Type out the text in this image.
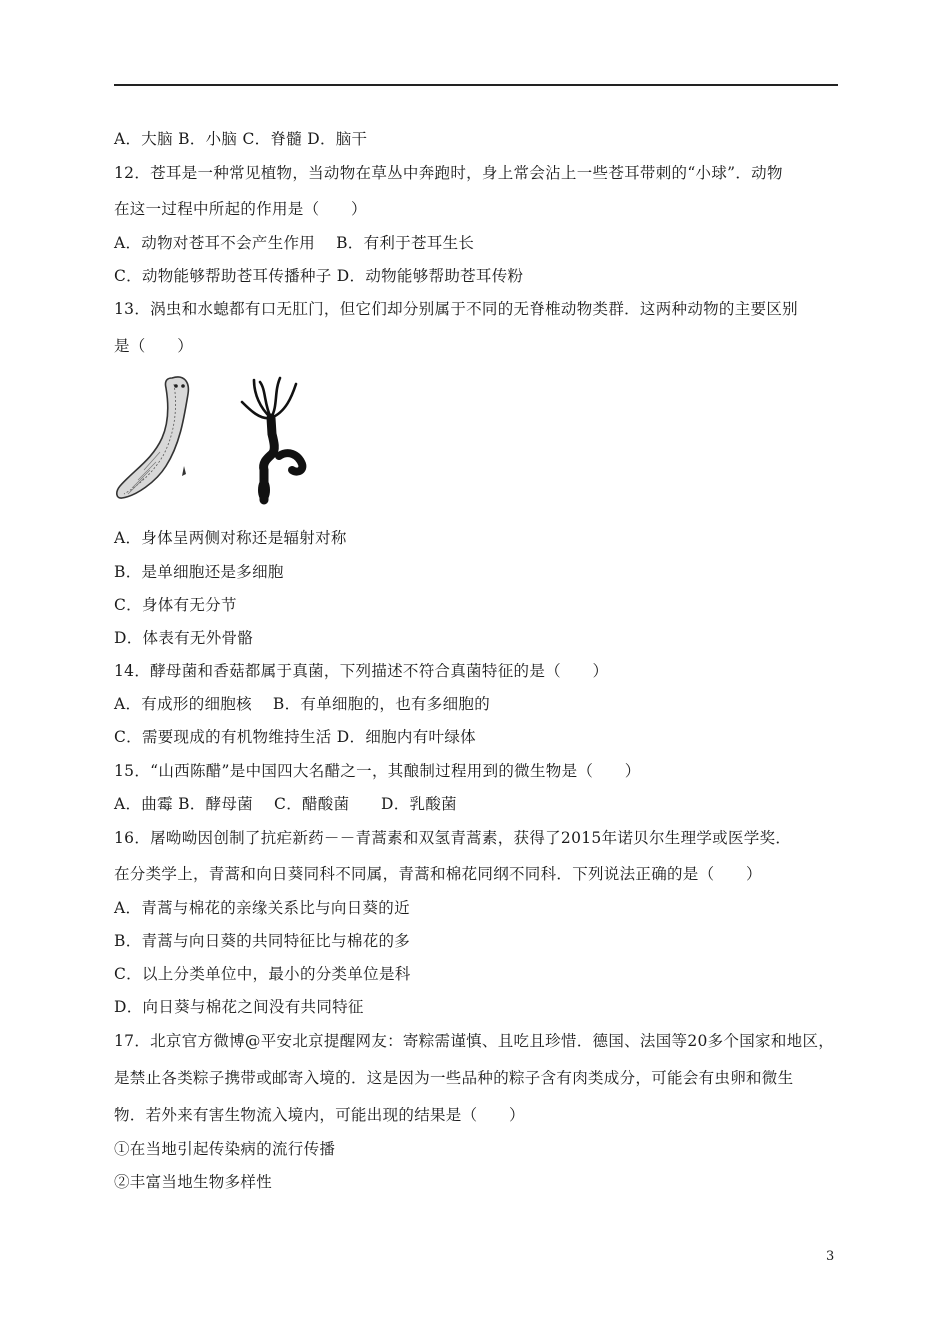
A．大脑 B．小脑 C．脊髓 D．脑干
12．苍耳是一种常见植物，当动物在草丛中奔跑时，身上常会沾上一些苍耳带刺的“小球”．动物
在这一过程中所起的作用是（　　）
A．动物对苍耳不会产生作用　 B．有利于苍耳生长
C．动物能够帮助苍耳传播种子 D．动物能够帮助苍耳传粉
13．涡虫和水螅都有口无肛门，但它们却分别属于不同的无脊椎动物类群．这两种动物的主要区别
是（　　）
A．身体呈两侧对称还是辐射对称
B．是单细胞还是多细胞
C．身体有无分节
D．体表有无外骨骼
14．酵母菌和香菇都属于真菌，下列描述不符合真菌特征的是（　　）
A．有成形的细胞核　 B．有单细胞的，也有多细胞的
C．需要现成的有机物维持生活 D．细胞内有叶绿体
15．“山西陈醋”是中国四大名醋之一，其酿制过程用到的微生物是（　　）
A．曲霉 B．酵母菌　 C．醋酸菌　　D．乳酸菌
16．屠呦呦因创制了抗疟新药－－青蒿素和双氢青蒿素，获得了2015年诺贝尔生理学或医学奖．
在分类学上，青蒿和向日葵同科不同属，青蒿和棉花同纲不同科．下列说法正确的是（　　）
A．青蒿与棉花的亲缘关系比与向日葵的近
B．青蒿与向日葵的共同特征比与棉花的多
C．以上分类单位中，最小的分类单位是科
D．向日葵与棉花之间没有共同特征
17．北京官方微博@平安北京提醒网友：寄粽需谨慎、且吃且珍惜．德国、法国等20多个国家和地区，
是禁止各类粽子携带或邮寄入境的．这是因为一些品种的粽子含有肉类成分，可能会有虫卵和微生
物．若外来有害生物流入境内，可能出现的结果是（　　）
①在当地引起传染病的流行传播
②丰富当地生物多样性
3
